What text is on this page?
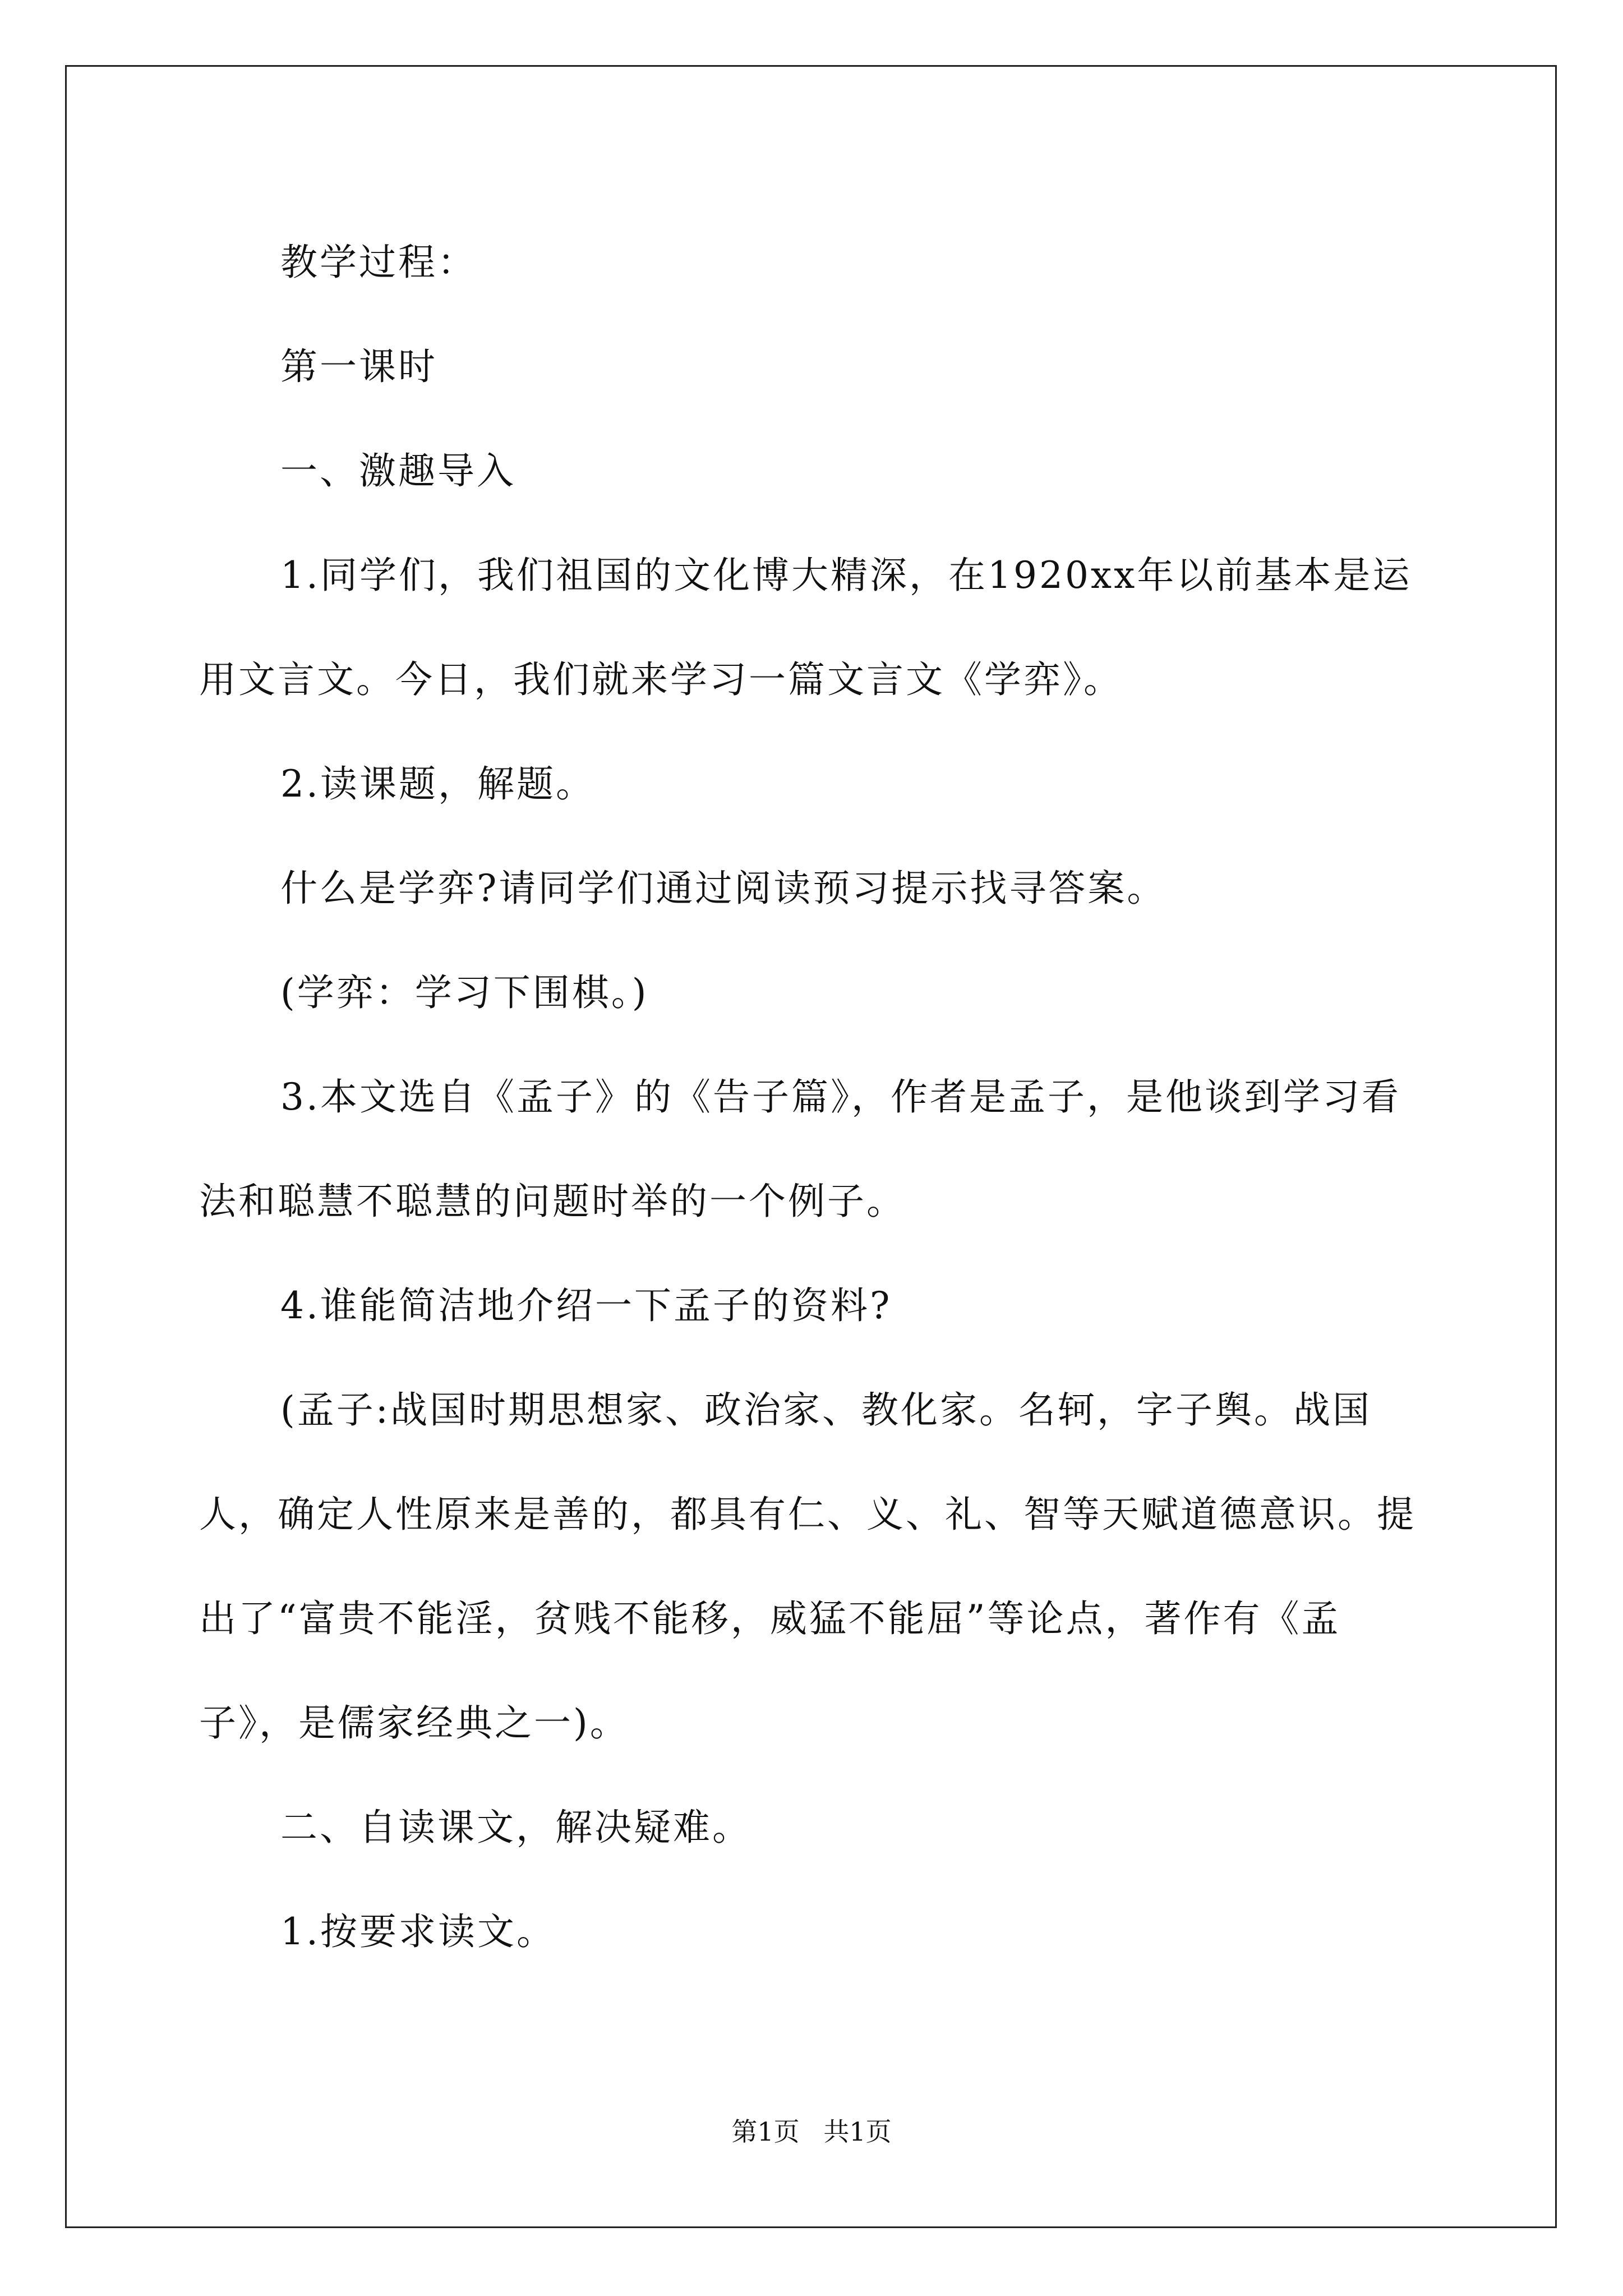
教学过程：

第一课时

一、激趣导入

1.同学们，我们祖国的文化博大精深，在1920xx年以前基本是运用文言文。今日，我们就来学习一篇文言文《学弈》。

2.读课题，解题。

什么是学弈?请同学们通过阅读预习提示找寻答案。

(学弈：学习下围棋。)

3.本文选自《孟子》的《告子篇》，作者是孟子，是他谈到学习看法和聪慧不聪慧的问题时举的一个例子。

4.谁能简洁地介绍一下孟子的资料?

(孟子:战国时期思想家、政治家、教化家。名轲，字子舆。战国人，确定人性原来是善的，都具有仁、义、礼、智等天赋道德意识。提出了“富贵不能淫，贫贱不能移，威猛不能屈”等论点，著作有《孟子》，是儒家经典之一)。

二、自读课文，解决疑难。

1.按要求读文。

第1页 共1页
